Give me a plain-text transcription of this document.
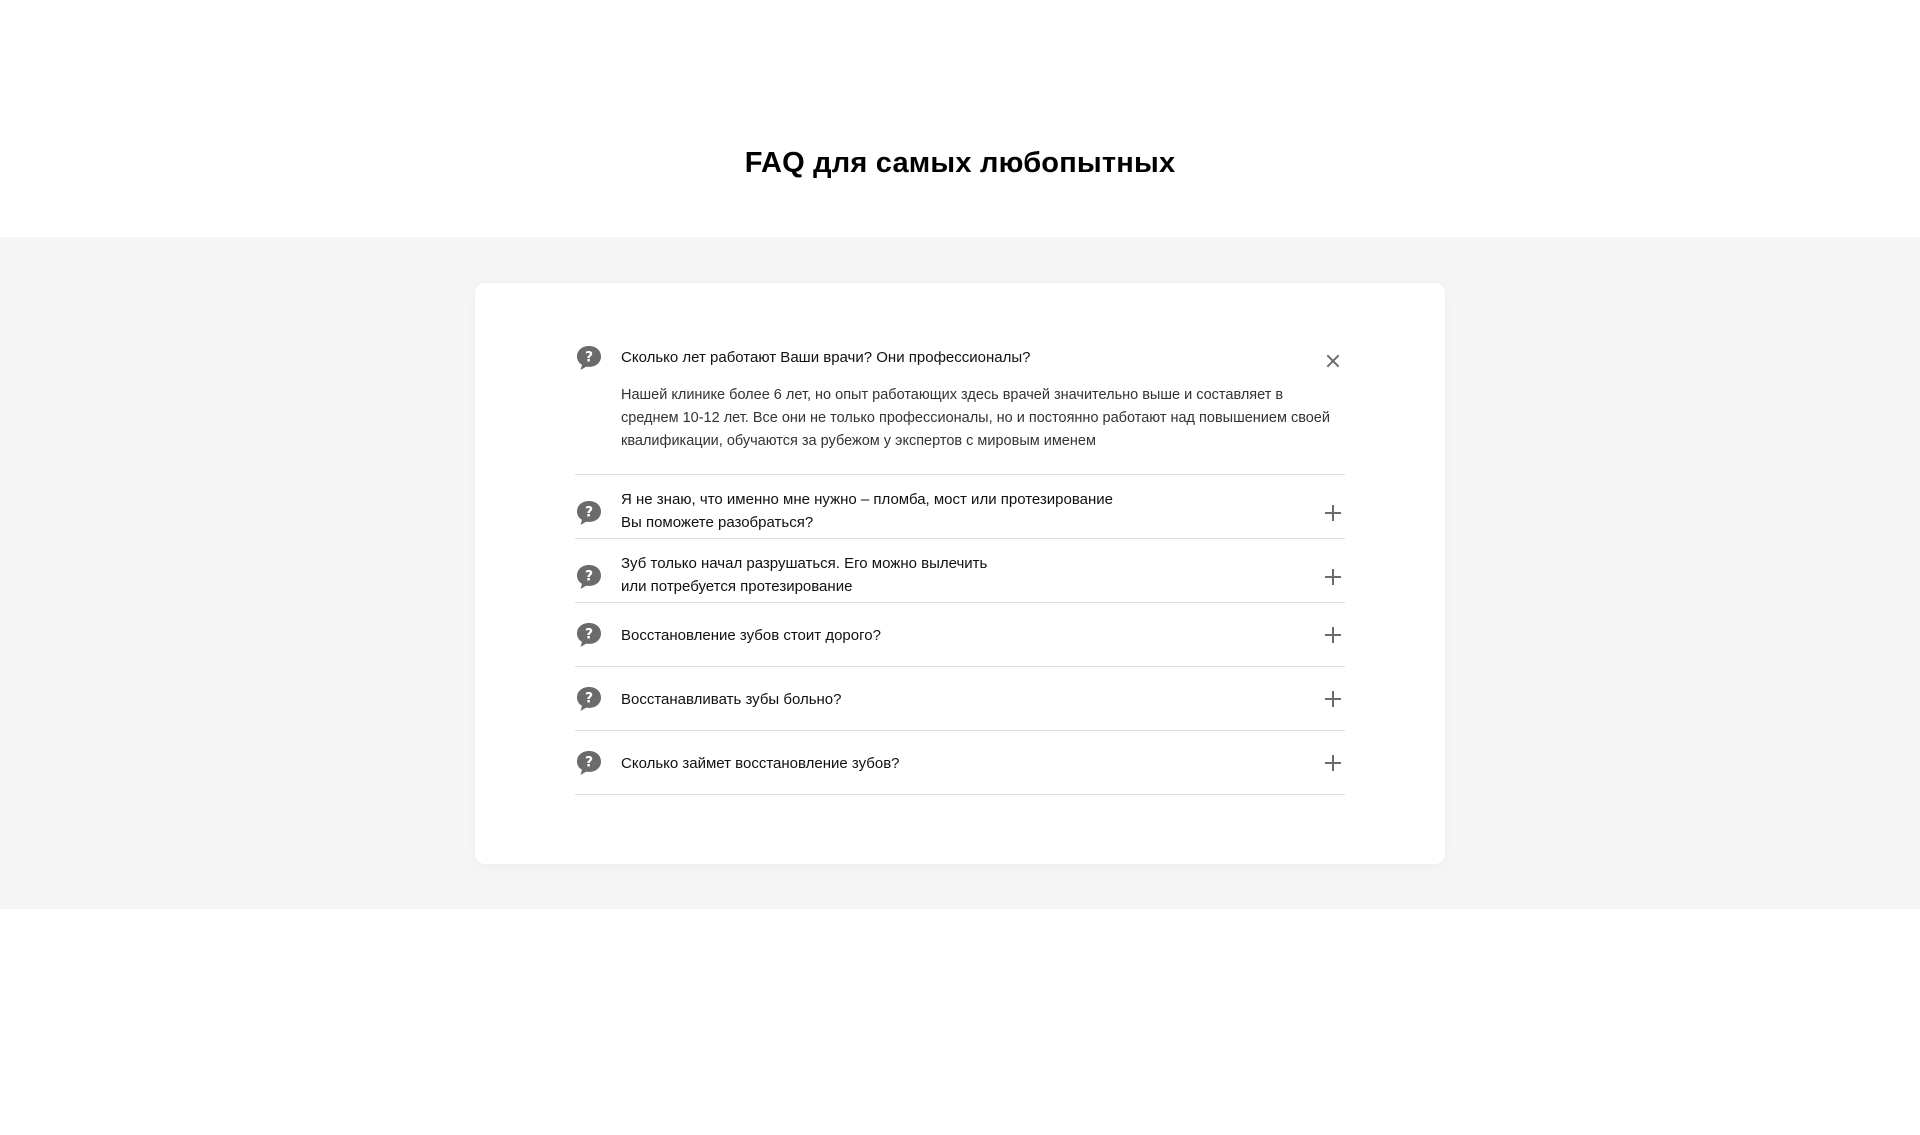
FAQ для самых любопытных
? Сколько лет работают Ваши врачи? Они профессионалы?
Нашей клинике более 6 лет, но опыт работающих здесь врачей значительно выше и составляет в среднем 10-12 лет. Все они не только профессионалы, но и постоянно работают над повышением своей квалификации, обучаются за рубежом у экспертов с мировым именем
?
Я не знаю, что именно мне нужно – пломба, мост или протезирование
Вы поможете разобраться?
?
Зуб только начал разрушаться. Его можно вылечить
или потребуется протезирование
? Восстановление зубов стоит дорого?
? Восстанавливать зубы больно?
? Сколько займет восстановление зубов?
